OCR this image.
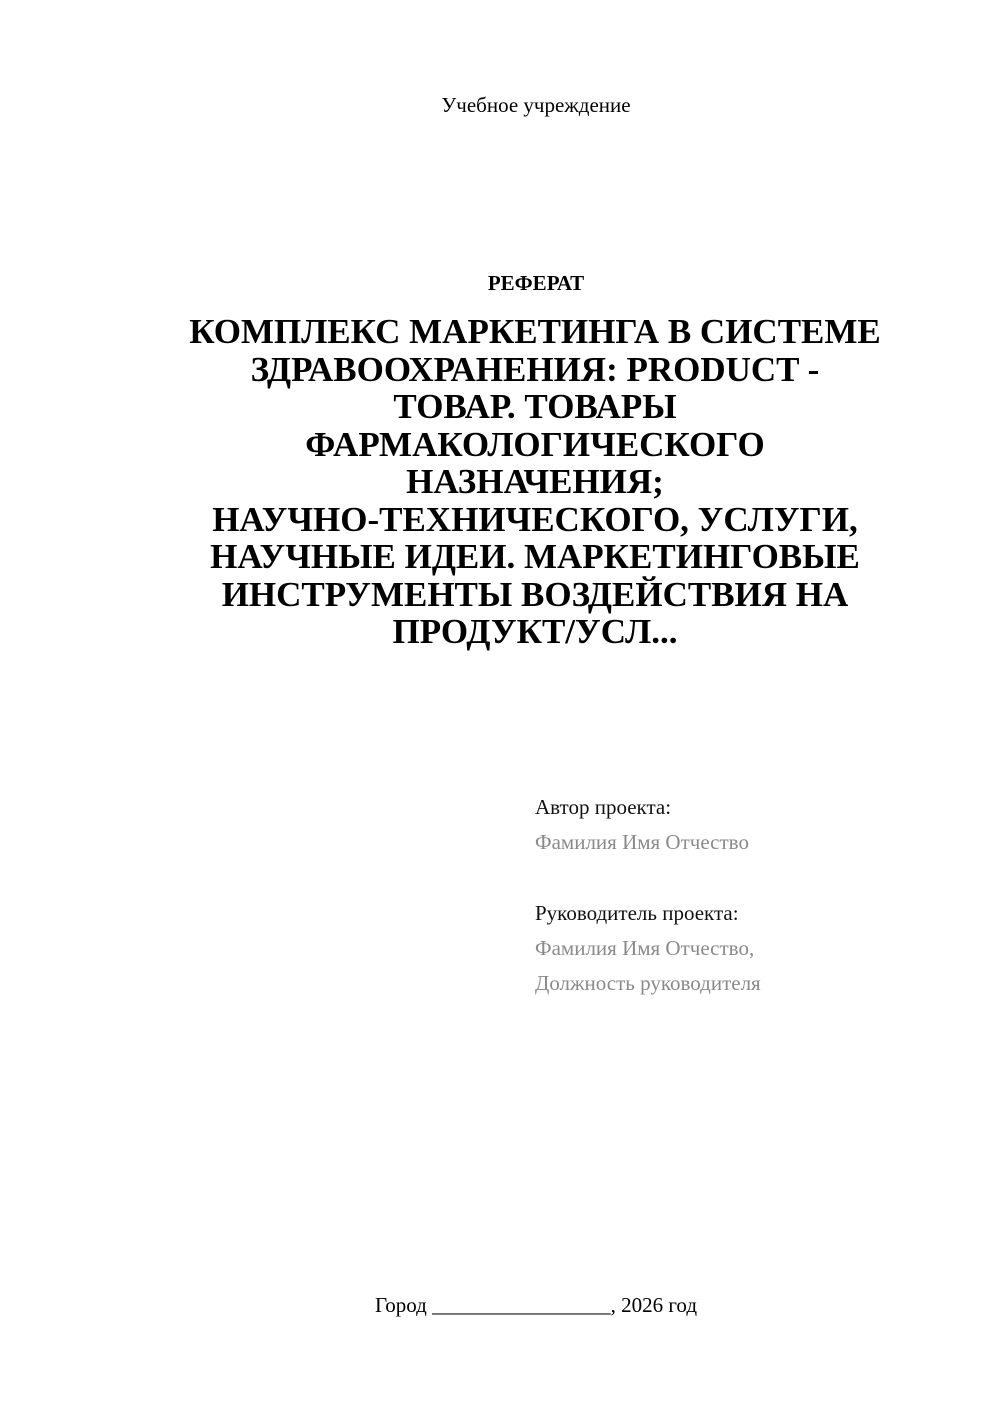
Учебное учреждение
РЕФЕРАТ
КОМПЛЕКС МАРКЕТИНГА В СИСТЕМЕ
ЗДРАВООХРАНЕНИЯ: PRODUCT -
ТОВАР. ТОВАРЫ
ФАРМАКОЛОГИЧЕСКОГО
НАЗНАЧЕНИЯ;
НАУЧНО-ТЕХНИЧЕСКОГО, УСЛУГИ,
НАУЧНЫЕ ИДЕИ. МАРКЕТИНГОВЫЕ
ИНСТРУМЕНТЫ ВОЗДЕЙСТВИЯ НА
ПРОДУКТ/УСЛ...
Автор проекта:
Фамилия Имя Отчество
Руководитель проекта:
Фамилия Имя Отчество,
Должность руководителя
Город _________________, 2026 год
